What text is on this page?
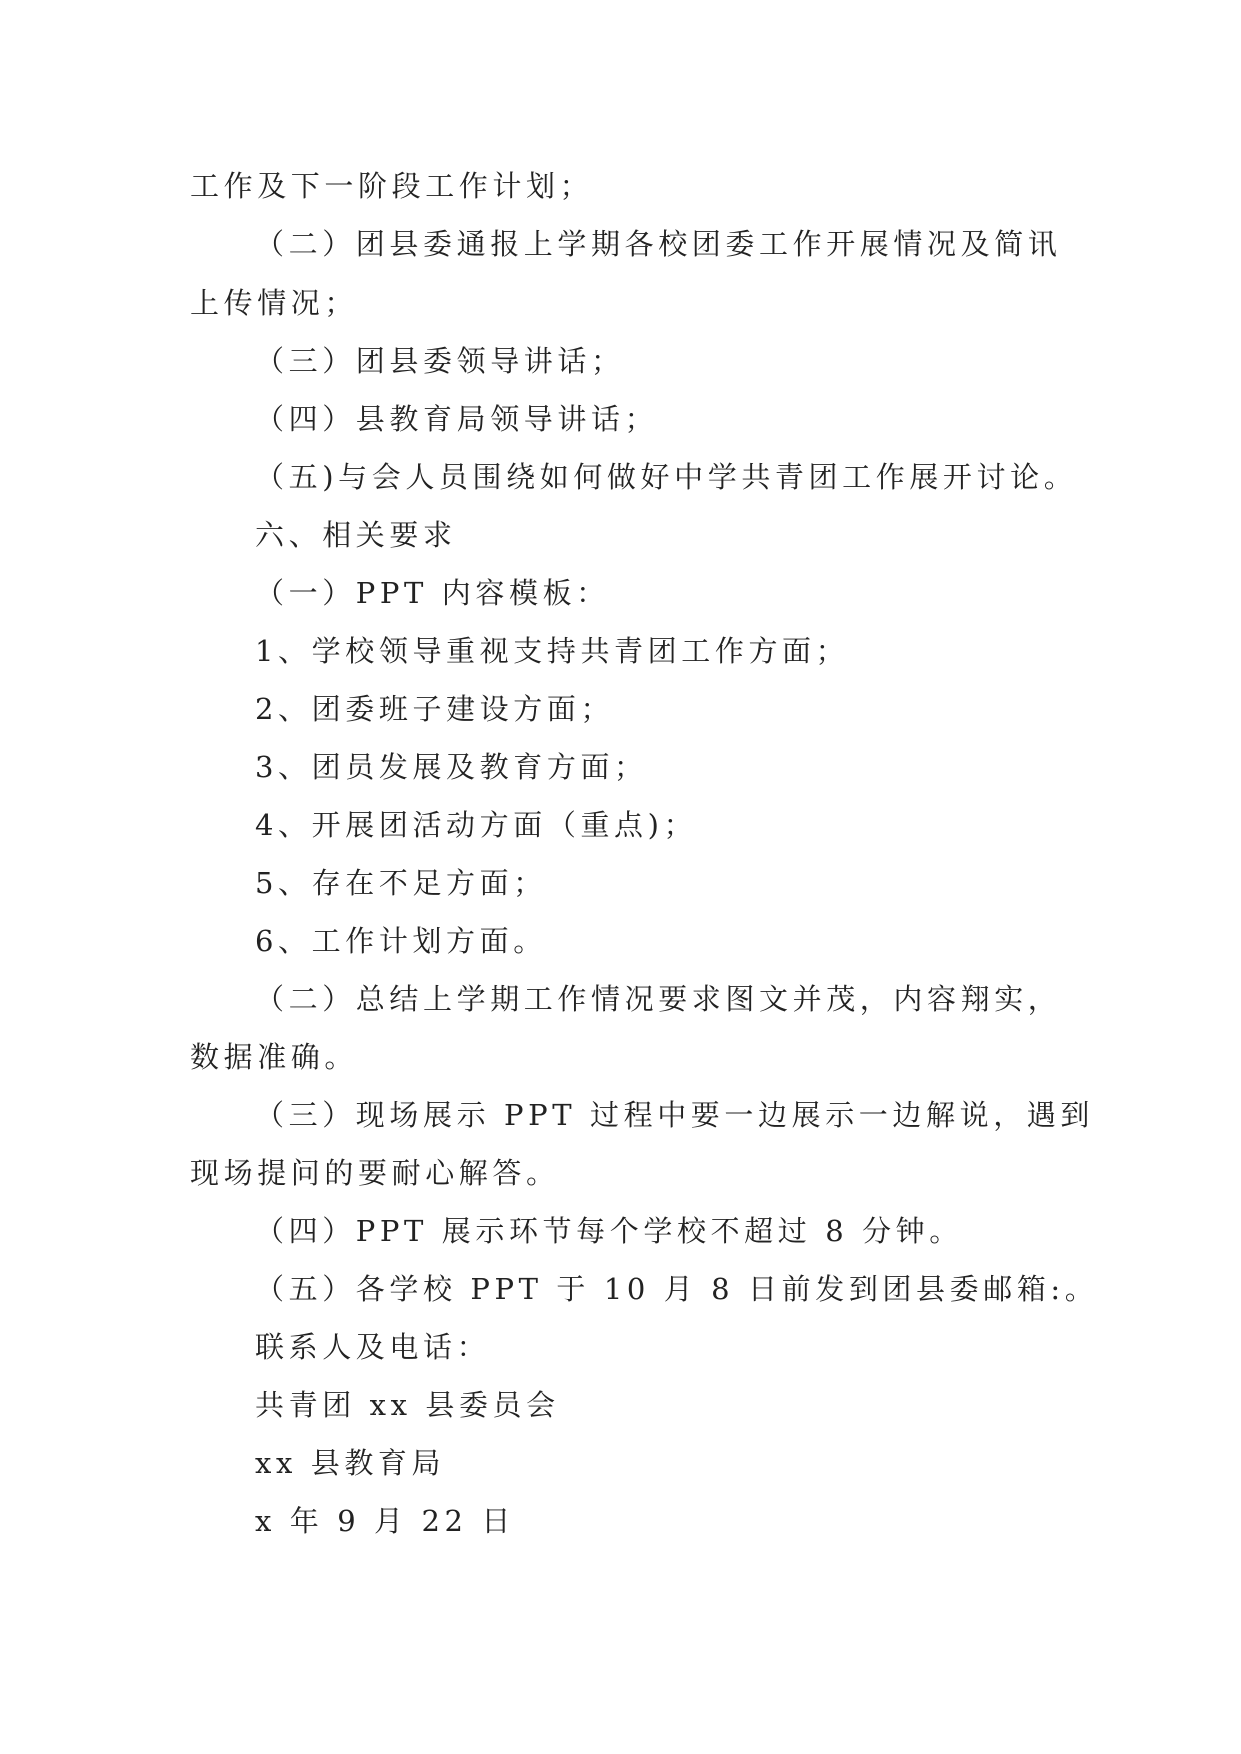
工作及下一阶段工作计划；
（二）团县委通报上学期各校团委工作开展情况及简讯
上传情况；
（三）团县委领导讲话；
（四）县教育局领导讲话；
（五)与会人员围绕如何做好中学共青团工作展开讨论。
六、相关要求
（一）PPT 内容模板：
1、学校领导重视支持共青团工作方面；
2、团委班子建设方面；
3、团员发展及教育方面；
4、开展团活动方面（重点)；
5、存在不足方面；
6、工作计划方面。
（二）总结上学期工作情况要求图文并茂，内容翔实，
数据准确。
（三）现场展示 PPT 过程中要一边展示一边解说，遇到
现场提问的要耐心解答。
（四）PPT 展示环节每个学校不超过 8 分钟。
（五）各学校 PPT 于 10 月 8 日前发到团县委邮箱:。
联系人及电话：
共青团 xx 县委员会
xx 县教育局
x 年 9 月 22 日
